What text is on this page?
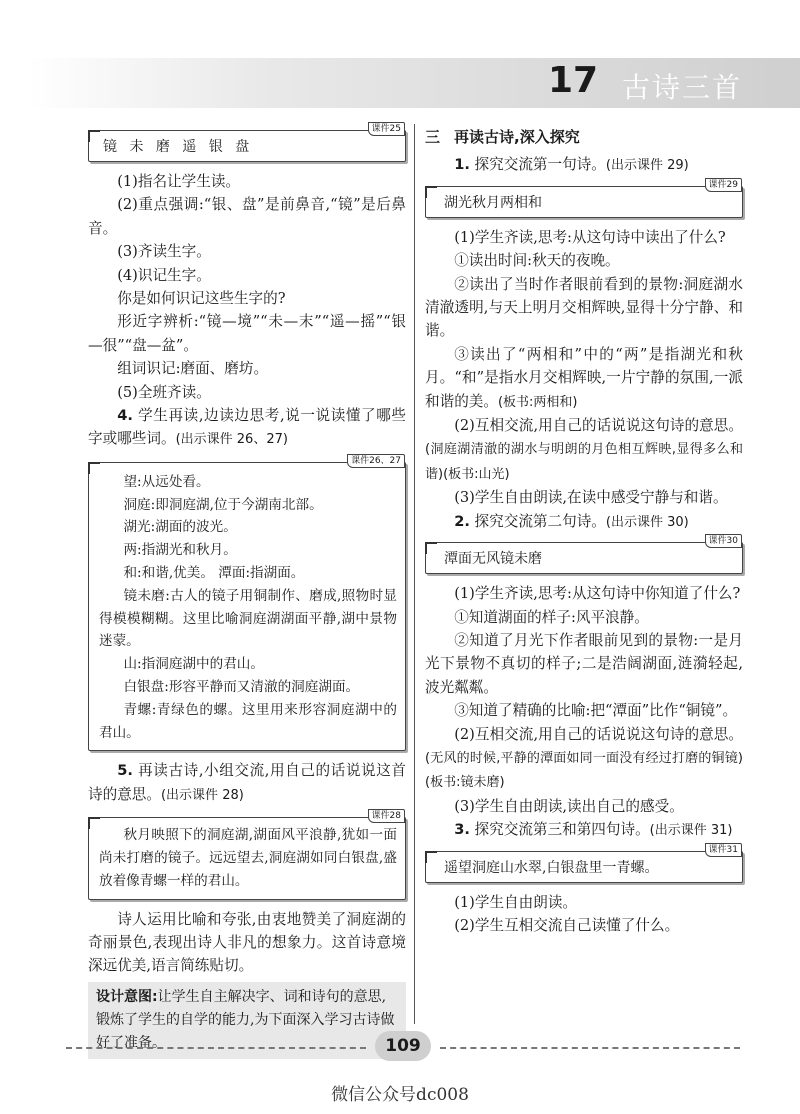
17 古诗三首
课件25
镜 未 磨 遥 银 盘

(1)指名让学生读。

(2)重点强调:“银、盘”是前鼻音,“镜”是后鼻音。

(3)齐读生字。

(4)识记生字。

你是如何识记这些生字的?

形近字辨析:“镜—境”“未—末”“遥—摇”“银—很”“盘—盆”。

组词识记:磨面、磨坊。

(5)全班齐读。

4. 学生再读,边读边思考,说一说读懂了哪些字或哪些词。(出示课件 26、27)

课件26、27

望:从远处看。

洞庭:即洞庭湖,位于今湖南北部。

湖光:湖面的波光。

两:指湖光和秋月。

和:和谐,优美。 潭面:指湖面。

镜未磨:古人的镜子用铜制作、磨成,照物时显得模模糊糊。这里比喻洞庭湖湖面平静,湖中景物迷蒙。

山:指洞庭湖中的君山。

白银盘:形容平静而又清澈的洞庭湖面。

青螺:青绿色的螺。这里用来形容洞庭湖中的君山。

5. 再读古诗,小组交流,用自己的话说说这首诗的意思。(出示课件 28)

课件28

秋月映照下的洞庭湖,湖面风平浪静,犹如一面尚未打磨的镜子。远远望去,洞庭湖如同白银盘,盛放着像青螺一样的君山。

诗人运用比喻和夸张,由衷地赞美了洞庭湖的奇丽景色,表现出诗人非凡的想象力。这首诗意境深远优美,语言简练贴切。

设计意图:让学生自主解决字、词和诗句的意思,锻炼了学生的自学的能力,为下面深入学习古诗做好了准备。
三 再读古诗,深入探究

1. 探究交流第一句诗。(出示课件 29)

课件29
湖光秋月两相和

(1)学生齐读,思考:从这句诗中读出了什么?

①读出时间:秋天的夜晚。

②读出了当时作者眼前看到的景物:洞庭湖水清澈透明,与天上明月交相辉映,显得十分宁静、和谐。

③读出了“两相和”中的“两”是指湖光和秋月。“和”是指水月交相辉映,一片宁静的氛围,一派和谐的美。(板书:两相和)

(2)互相交流,用自己的话说说这句诗的意思。(洞庭湖清澈的湖水与明朗的月色相互辉映,显得多么和谐)(板书:山光)

(3)学生自由朗读,在读中感受宁静与和谐。

2. 探究交流第二句诗。(出示课件 30)

课件30
潭面无风镜未磨

(1)学生齐读,思考:从这句诗中你知道了什么?

①知道湖面的样子:风平浪静。

②知道了月光下作者眼前见到的景物:一是月光下景物不真切的样子;二是浩阔湖面,涟漪轻起,波光粼粼。

③知道了精确的比喻:把“潭面”比作“铜镜”。

(2)互相交流,用自己的话说说这句诗的意思。(无风的时候,平静的潭面如同一面没有经过打磨的铜镜)(板书:镜未磨)

(3)学生自由朗读,读出自己的感受。

3. 探究交流第三和第四句诗。(出示课件 31)

课件31
遥望洞庭山水翠,白银盘里一青螺。

(1)学生自由朗读。

(2)学生互相交流自己读懂了什么。

109
微信公众号dc008
